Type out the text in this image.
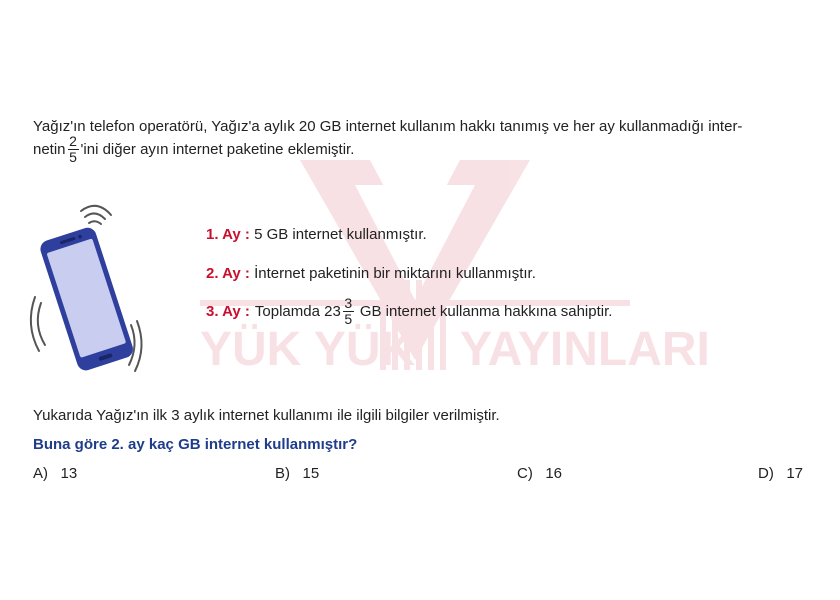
YÜK YÜK YAYINLARI
Yağız'ın telefon operatörü, Yağız'a aylık 20 GB internet kullanım hakkı tanımış ve her ay kullanmadığı inter-
netin $\frac{2}{5}$ 'ini diğer ayın internet paketine eklemiştir.
1. Ay : 5 GB internet kullanmıştır.
2. Ay : İnternet paketinin bir miktarını kullanmıştır.
3. Ay : Toplamda $23 \frac{3}{5}$ GB internet kullanma hakkına sahiptir.
Yukarıda Yağız'ın ilk 3 aylık internet kullanımı ile ilgili bilgiler verilmiştir.
Buna göre 2. ay kaç GB internet kullanmıştır?
A) 13	B) 15	C) 16	D) 17
